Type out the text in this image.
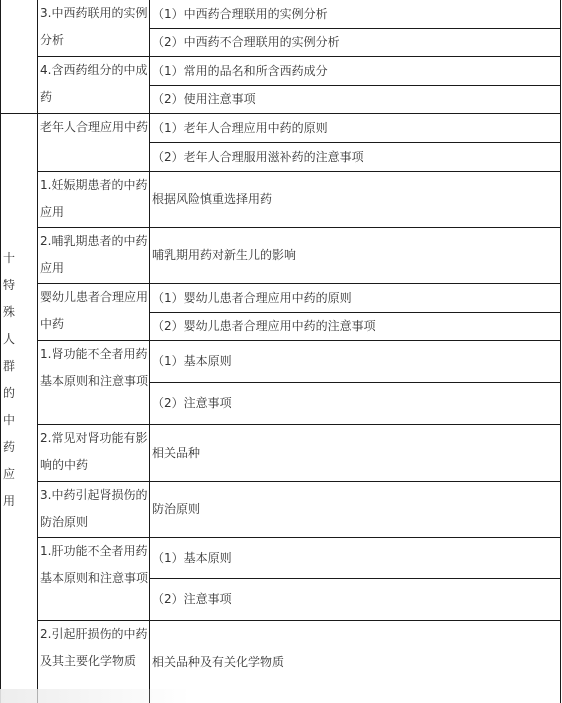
十
特
殊
人
群
的
中
药
应
用
3.中西药联用的实例分析
4.含西药组分的中成药
老年人合理应用中药
1.妊娠期患者的中药应用
2.哺乳期患者的中药应用
婴幼儿患者合理应用中药
1.肾功能不全者用药基本原则和注意事项
2.常见对肾功能有影响的中药
3.中药引起肾损伤的防治原则
1.肝功能不全者用药基本原则和注意事项
2.引起肝损伤的中药及其主要化学物质
（1）中西药合理联用的实例分析
（2）中西药不合理联用的实例分析
（1）常用的品名和所含西药成分
（2）使用注意事项
（1）老年人合理应用中药的原则
（2）老年人合理服用滋补药的注意事项
根据风险慎重选择用药
哺乳期用药对新生儿的影响
（1）婴幼儿患者合理应用中药的原则
（2）婴幼儿患者合理应用中药的注意事项
（1）基本原则
（2）注意事项
相关品种
防治原则
（1）基本原则
（2）注意事项
相关品种及有关化学物质
